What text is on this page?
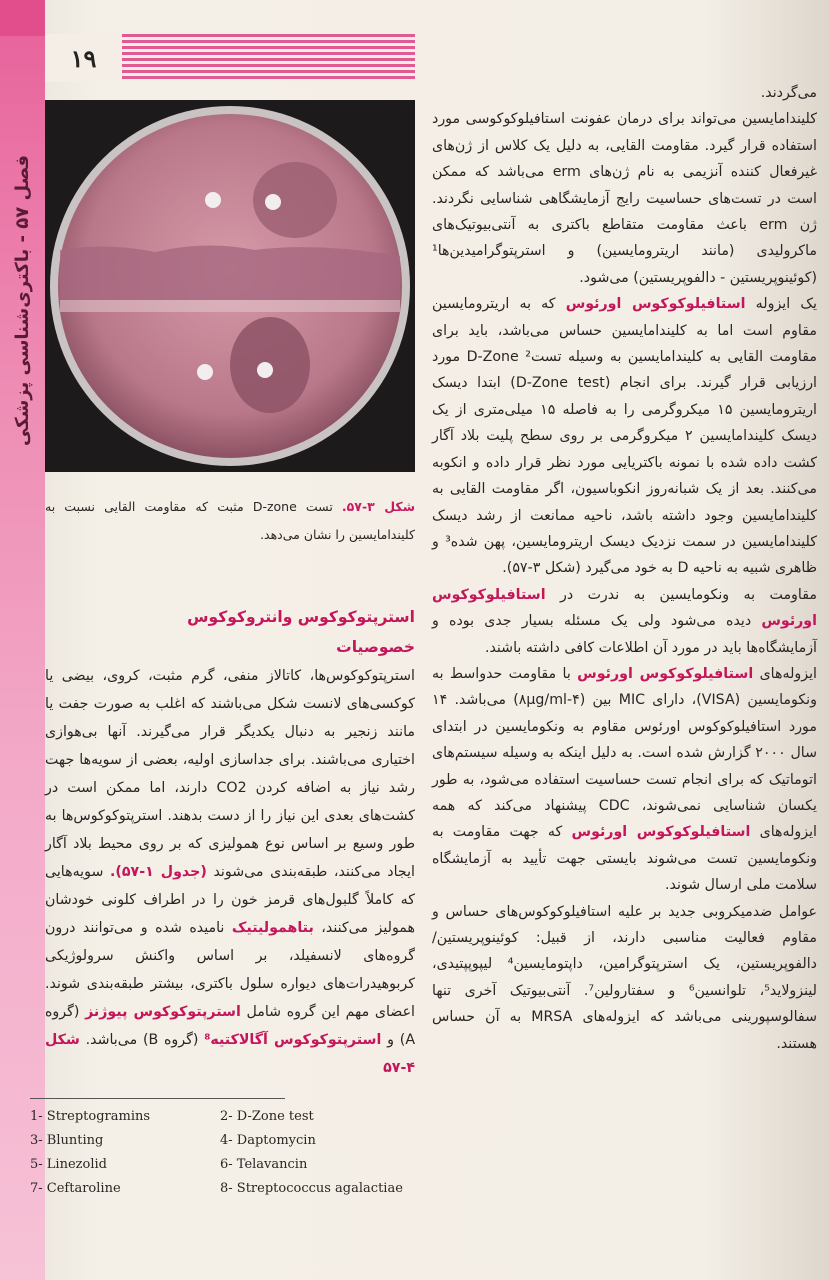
فصل ۵۷ - باکتری‌شناسی پزشکی
۱۹
شکل ۳-۵۷. تست D-zone مثبت که مقاومت القایی نسبت به کلیندامایسین را نشان می‌دهد.

می‌گردند.

کلیندامایسین می‌تواند برای درمان عفونت استافیلوکوکوسی مورد استفاده قرار گیرد. مقاومت القایی، به دلیل یک کلاس از ژن‌های غیرفعال کننده آنزیمی به نام ژن‌های erm می‌باشد که ممکن است در تست‌های حساسیت رایج آزمایشگاهی شناسایی نگردند. ژن erm باعث مقاومت متقاطع باکتری به آنتی‌بیوتیک‌های ماکرولیدی (مانند اریترومایسین) و استرپتوگرامیدین‌ها¹ (کوئینوپریستین - دالفوپریستین) می‌شود.

یک ایزوله استافیلوکوکوس اورئوس که به اریترومایسین مقاوم است اما به کلیندامایسین حساس می‌باشد، باید برای مقاومت القایی به کلیندامایسین به وسیله تست² D-Zone مورد ارزیابی قرار گیرند. برای انجام (D-Zone test) ابتدا دیسک اریترومایسین ۱۵ میکروگرمی را به فاصله ۱۵ میلی‌متری از یک دیسک کلیندامایسین ۲ میکروگرمی بر روی سطح پلیت بلاد آگار کشت داده شده با نمونه باکتریایی مورد نظر قرار داده و انکوبه می‌کنند. بعد از یک شبانه‌روز انکوباسیون، اگر مقاومت القایی به کلیندامایسین وجود داشته باشد، ناحیه ممانعت از رشد دیسک کلیندامایسین در سمت نزدیک دیسک اریترومایسین، پهن شده³ و ظاهری شبیه به ناحیه D به خود می‌گیرد (شکل ۳-۵۷).

مقاومت به ونکومایسین به ندرت در استافیلوکوکوس اورئوس دیده می‌شود ولی یک مسئله بسیار جدی بوده و آزمایشگاه‌ها باید در مورد آن اطلاعات کافی داشته باشند.

ایزوله‌های استافیلوکوکوس اورئوس با مقاومت حدواسط به ونکومایسین (VISA)، دارای MIC بین (۴-۸μg/ml) می‌باشد. ۱۴ مورد استافیلوکوکوس اورئوس مقاوم به ونکومایسین در ابتدای سال ۲۰۰۰ گزارش شده است. به دلیل اینکه به وسیله سیستم‌های اتوماتیک که برای انجام تست حساسیت استفاده می‌شود، به طور یکسان شناسایی نمی‌شوند، CDC پیشنهاد می‌کند که همه ایزوله‌های استافیلوکوکوس اورئوس که جهت مقاومت به ونکومایسین تست می‌شوند بایستی جهت تأیید به آزمایشگاه سلامت ملی ارسال شوند.

عوامل ضدمیکروبی جدید بر علیه استافیلوکوکوس‌های حساس و مقاوم فعالیت مناسبی دارند، از قبیل: کوئینوپریستین/ دالفوپریستین، یک استرپتوگرامین، داپتومایسین⁴ لیپوپپتیدی، لینزولاید⁵، تلوانسین⁶ و سفتارولین⁷. آنتی‌بیوتیک آخری تنها سفالوسپورینی می‌باشد که ایزوله‌های MRSA به آن حساس هستند.

استرپتوکوکوس وانتروکوکوس
خصوصیات

استرپتوکوکوس‌ها، کاتالاز منفی، گرم مثبت، کروی، بیضی یا کوکسی‌های لانست شکل می‌باشند که اغلب به صورت جفت یا مانند زنجیر به دنبال یکدیگر قرار می‌گیرند. آنها بی‌هوازی اختیاری می‌باشند. برای جداسازی اولیه، بعضی از سویه‌ها جهت رشد نیاز به اضافه کردن CO2 دارند، اما ممکن است در کشت‌های بعدی این نیاز را از دست بدهند. استرپتوکوکوس‌ها به طور وسیع بر اساس نوع همولیزی که بر روی محیط بلاد آگار ایجاد می‌کنند، طبقه‌بندی می‌شوند (جدول ۱-۵۷). سویه‌هایی که کاملاً گلبول‌های قرمز خون را در اطراف کلونی خودشان همولیز می‌کنند، بتاهمولیتیک نامیده شده و می‌توانند درون گروه‌های لانسفیلد، بر اساس واکنش سرولوژیکی کربوهیدرات‌های دیواره سلول باکتری، بیشتر طبقه‌بندی شوند. اعضای مهم این گروه شامل استرپتوکوکوس پیوژنز (گروه A) و استرپتوکوکوس آگالاکتیه⁸ (گروه B) می‌باشد. شکل ۴-۵۷

1- Streptogramins	2- D-Zone test
3- Blunting	4- Daptomycin
5- Linezolid	6- Telavancin
7- Ceftaroline	8- Streptococcus agalactiae
